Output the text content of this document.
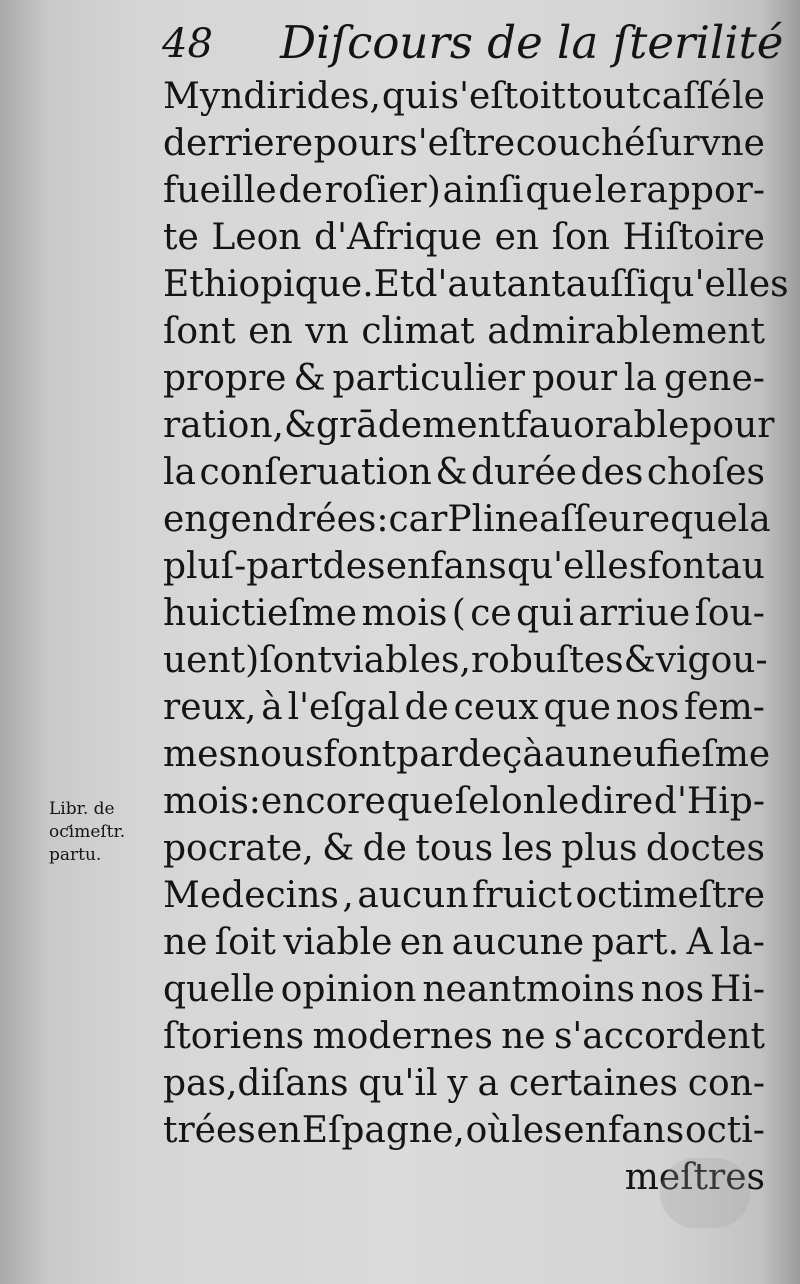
48 Diſcours de la ſterilité
Libr. de
oƈimeſtr.
partu.
Myndirides, qui s'eſtoit tout caſſé le
derriere pour s'eſtre couché ſur vne
fueille de roſier) ainſi que le rappor-
te Leon d'Afrique en ſon Hiſtoire
Ethiopique.Et d'autant auſſi qu'elles
ſont en vn climat admirablement
propre & particulier pour la gene-
ration, & grādement fauorable pour
la conſeruation & durée des choſes
engendrées: car Pline aſſeure que la
pluſ-part des enfans qu'elles font au
huictieſme mois ( ce qui arriue ſou-
uent ) ſont viables,robuſtes & vigou-
reux, à l'eſgal de ceux que nos fem-
mes nous font par deçà au neufieſme
mois:encore que ſelon le dire d'Hip-
pocrate, & de tous les plus doctes
Medecins , aucun fruict octimeſtre
ne ſoit viable en aucune part. A la-
quelle opinion neantmoins nos Hi-
ſtoriens modernes ne s'accordent
pas,diſans qu'il y a certaines con-
trées en Eſpagne, où les enfans octi-
meſtres
